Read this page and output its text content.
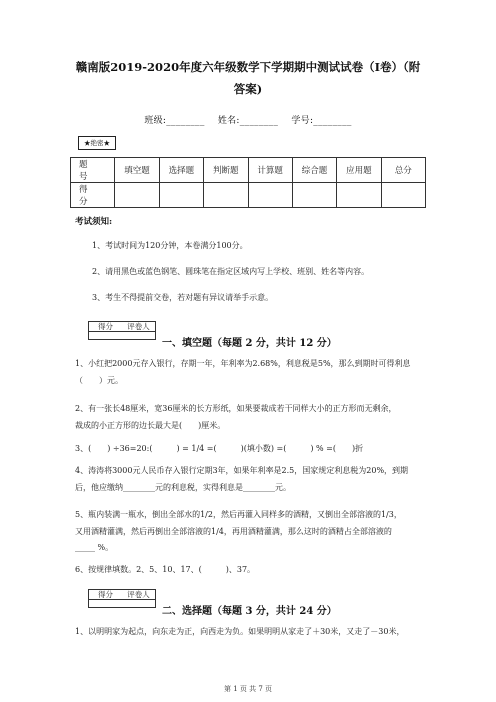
赣南版2019-2020年度六年级数学下学期期中测试试卷（I卷）（附
答案)
班级:________ 姓名:________ 学号:________
★绝密★
题 号	填空题	选择题	判断题	计算题	综合题	应用题	总分
得 分							
考试须知:
1、考试时间为120分钟，本卷满分100分。
2、请用黑色或蓝色钢笔、圆珠笔在指定区域内写上学校、班别、姓名等内容。
3、考生不得提前交卷，若对题有异议请举手示意。
得分	评卷人
一、填空题（每题 2 分，共计 12 分）
1、小红把2000元存入银行，存期一年，年利率为2.68%，利息税是5%，那么到期时可得利息
（　　）元。
2、有一张长48厘米，宽36厘米的长方形纸，如果要裁成若干同样大小的正方形而无剩余，
裁成的小正方形的边长最大是(　　)厘米。
3、(　　) ÷36=20:(　　　) = 1/4 =(　　　)(填小数) =(　　　) % =(　　)折
4、涛涛将3000元人民币存入银行定期3年，如果年利率是2.5，国家规定利息税为20%，到期
后，他应缴纳________元的利息税，实得利息是________元。
5、瓶内装满一瓶水，倒出全部水的1/2，然后再灌入同样多的酒精，又倒出全部溶液的1/3，
又用酒精灌满，然后再倒出全部溶液的1/4，再用酒精灌满，那么这时的酒精占全部溶液的
_____ %。
6、按规律填数。2、5、10、17、(　　　)、37。
得分	评卷人
二、选择题（每题 3 分，共计 24 分）
1、以明明家为起点，向东走为正，向西走为负。如果明明从家走了＋30米，又走了－30米，
第 1 页 共 7 页
